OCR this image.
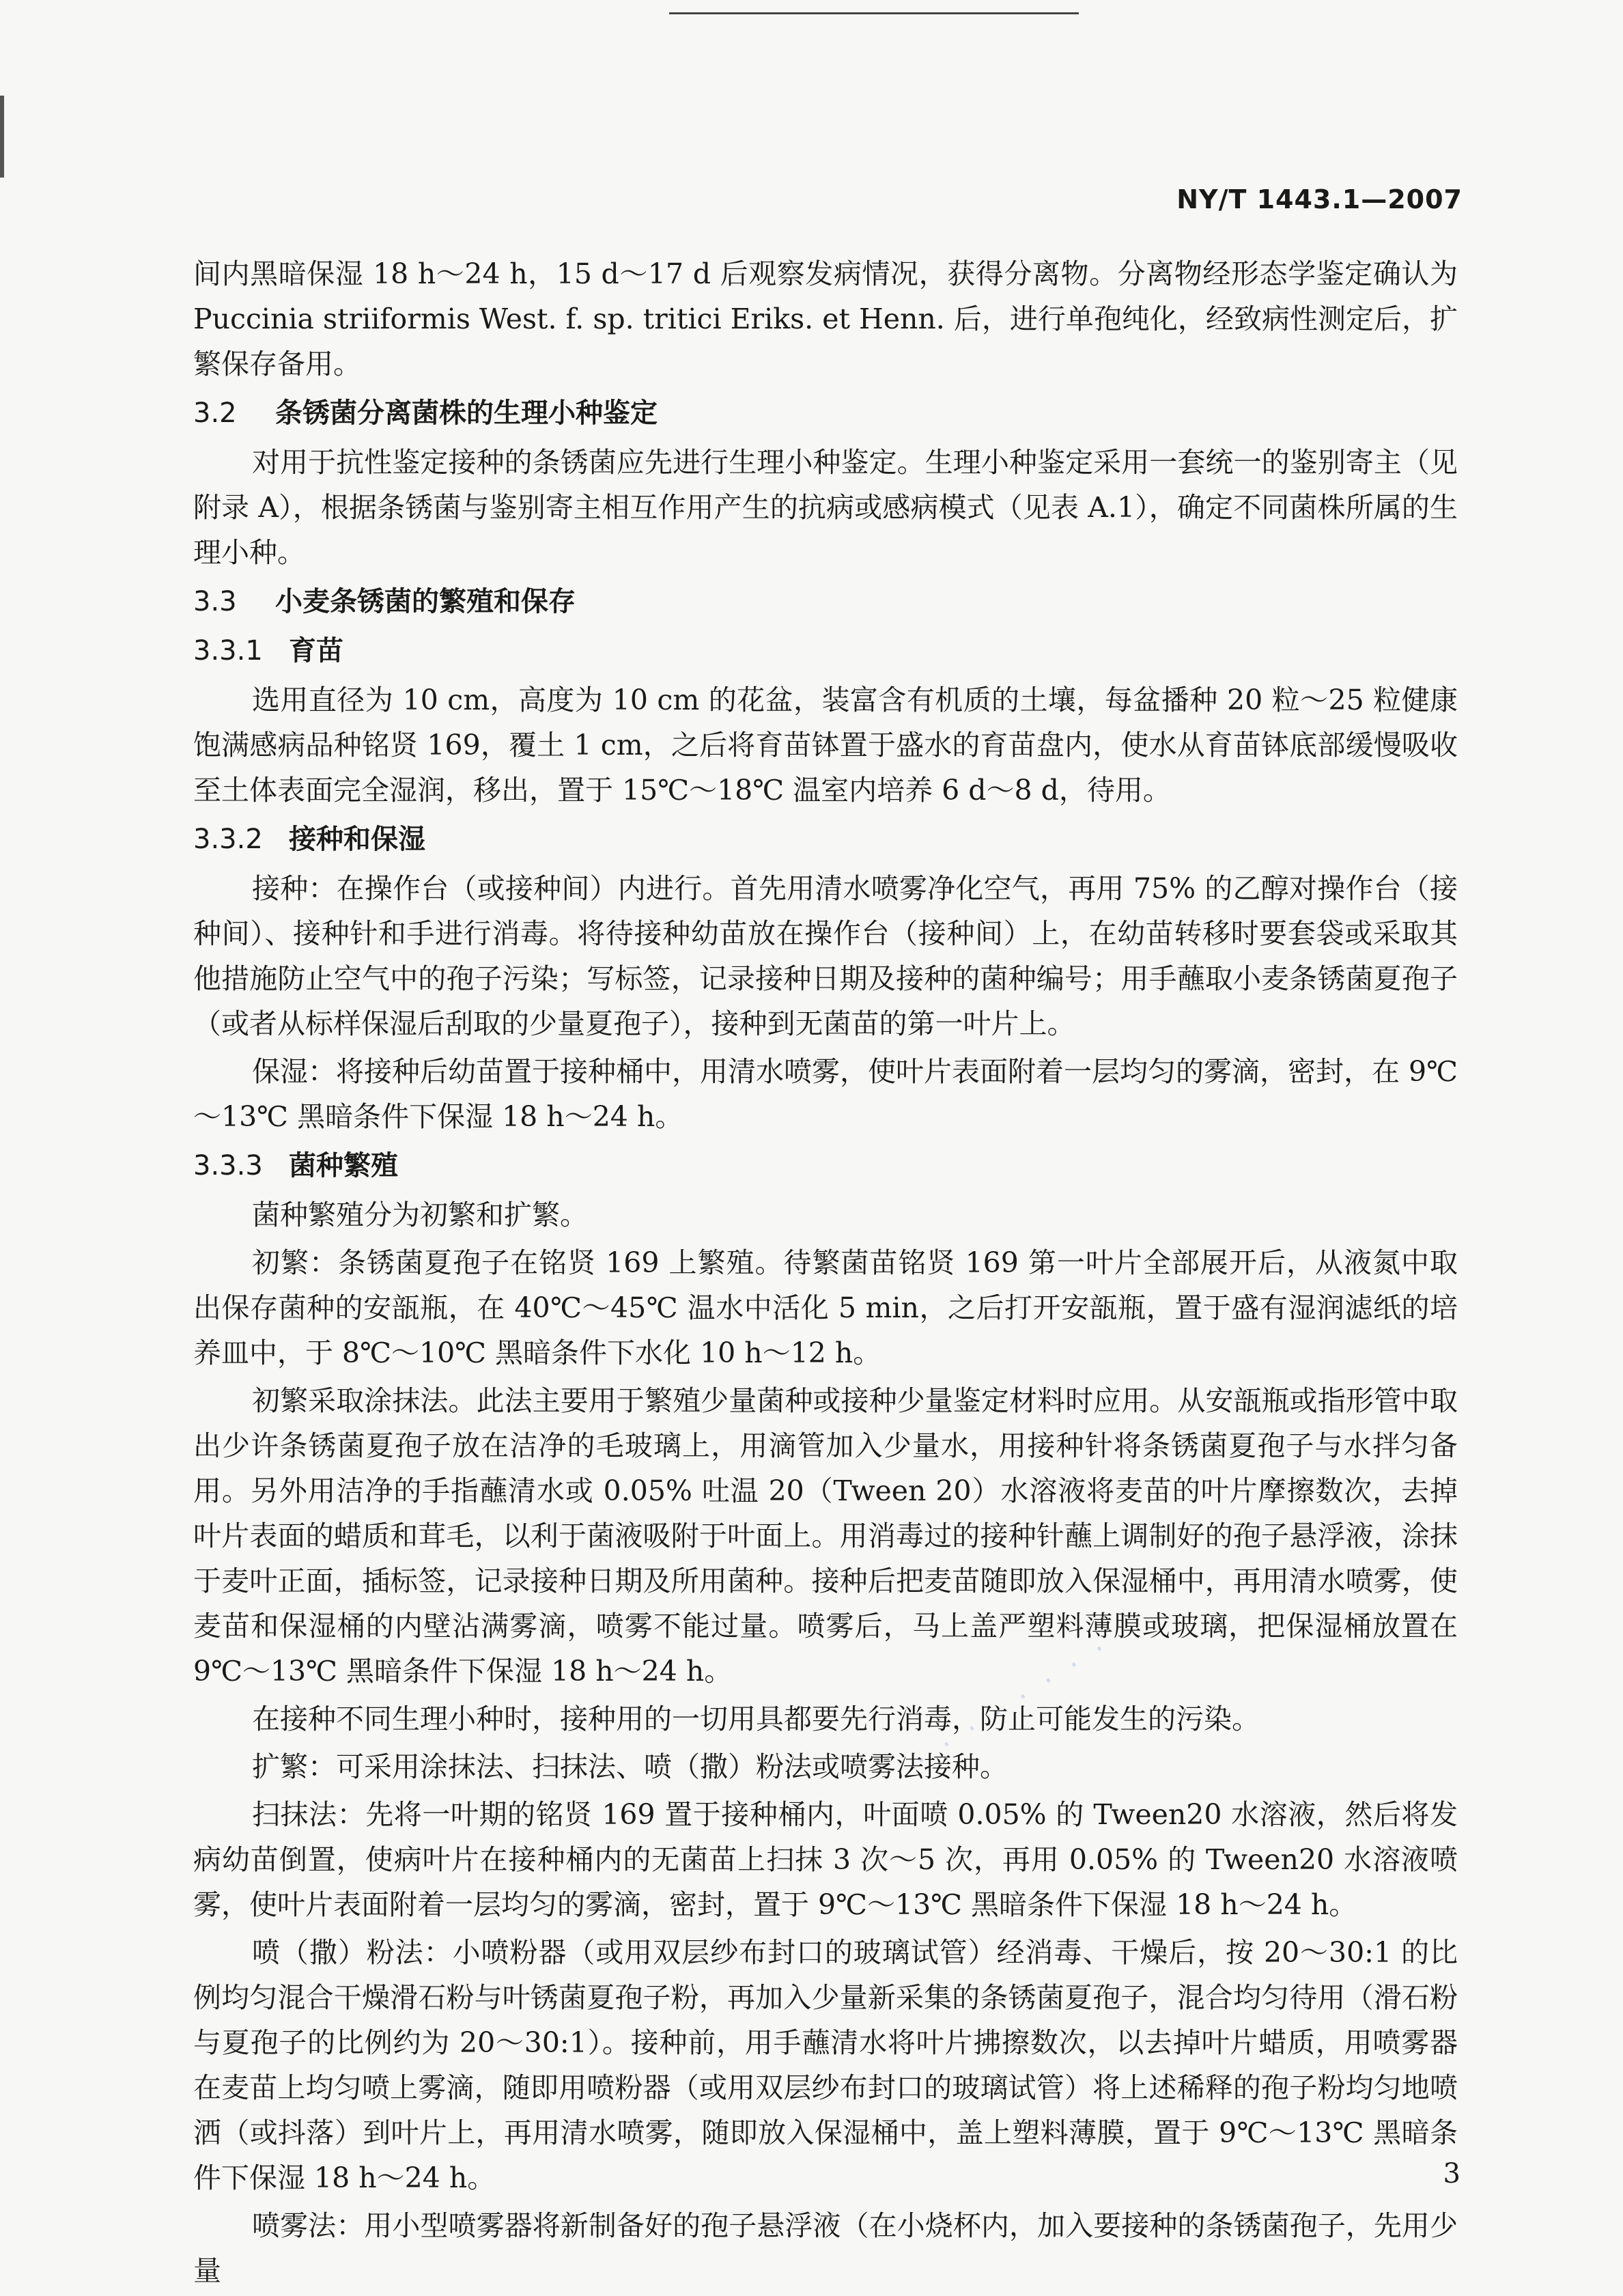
NY/T 1443.1—2007

间内黑暗保湿 18 h～24 h，15 d～17 d 后观察发病情况，获得分离物。分离物经形态学鉴定确认为 Puccinia striiformis West. f. sp. tritici Eriks. et Henn. 后，进行单孢纯化，经致病性测定后，扩繁保存备用。

3.2 条锈菌分离菌株的生理小种鉴定

对用于抗性鉴定接种的条锈菌应先进行生理小种鉴定。生理小种鉴定采用一套统一的鉴别寄主（见附录 A），根据条锈菌与鉴别寄主相互作用产生的抗病或感病模式（见表 A.1），确定不同菌株所属的生理小种。

3.3 小麦条锈菌的繁殖和保存
3.3.1 育苗

选用直径为 10 cm，高度为 10 cm 的花盆，装富含有机质的土壤，每盆播种 20 粒～25 粒健康饱满感病品种铭贤 169，覆土 1 cm，之后将育苗钵置于盛水的育苗盘内，使水从育苗钵底部缓慢吸收至土体表面完全湿润，移出，置于 15℃～18℃ 温室内培养 6 d～8 d，待用。

3.3.2 接种和保湿

接种：在操作台（或接种间）内进行。首先用清水喷雾净化空气，再用 75% 的乙醇对操作台（接种间）、接种针和手进行消毒。将待接种幼苗放在操作台（接种间）上，在幼苗转移时要套袋或采取其他措施防止空气中的孢子污染；写标签，记录接种日期及接种的菌种编号；用手蘸取小麦条锈菌夏孢子（或者从标样保湿后刮取的少量夏孢子），接种到无菌苗的第一叶片上。

保湿：将接种后幼苗置于接种桶中，用清水喷雾，使叶片表面附着一层均匀的雾滴，密封，在 9℃～13℃ 黑暗条件下保湿 18 h～24 h。

3.3.3 菌种繁殖

菌种繁殖分为初繁和扩繁。

初繁：条锈菌夏孢子在铭贤 169 上繁殖。待繁菌苗铭贤 169 第一叶片全部展开后，从液氮中取出保存菌种的安瓿瓶，在 40℃～45℃ 温水中活化 5 min，之后打开安瓿瓶，置于盛有湿润滤纸的培养皿中，于 8℃～10℃ 黑暗条件下水化 10 h～12 h。

初繁采取涂抹法。此法主要用于繁殖少量菌种或接种少量鉴定材料时应用。从安瓿瓶或指形管中取出少许条锈菌夏孢子放在洁净的毛玻璃上，用滴管加入少量水，用接种针将条锈菌夏孢子与水拌匀备用。另外用洁净的手指蘸清水或 0.05% 吐温 20（Tween 20）水溶液将麦苗的叶片摩擦数次，去掉叶片表面的蜡质和茸毛，以利于菌液吸附于叶面上。用消毒过的接种针蘸上调制好的孢子悬浮液，涂抹于麦叶正面，插标签，记录接种日期及所用菌种。接种后把麦苗随即放入保湿桶中，再用清水喷雾，使麦苗和保湿桶的内壁沾满雾滴，喷雾不能过量。喷雾后，马上盖严塑料薄膜或玻璃，把保湿桶放置在 9℃～13℃ 黑暗条件下保湿 18 h～24 h。

在接种不同生理小种时，接种用的一切用具都要先行消毒，防止可能发生的污染。

扩繁：可采用涂抹法、扫抹法、喷（撒）粉法或喷雾法接种。

扫抹法：先将一叶期的铭贤 169 置于接种桶内，叶面喷 0.05% 的 Tween20 水溶液，然后将发病幼苗倒置，使病叶片在接种桶内的无菌苗上扫抹 3 次～5 次，再用 0.05% 的 Tween20 水溶液喷雾，使叶片表面附着一层均匀的雾滴，密封，置于 9℃～13℃ 黑暗条件下保湿 18 h～24 h。

喷（撒）粉法：小喷粉器（或用双层纱布封口的玻璃试管）经消毒、干燥后，按 20～30:1 的比例均匀混合干燥滑石粉与叶锈菌夏孢子粉，再加入少量新采集的条锈菌夏孢子，混合均匀待用（滑石粉与夏孢子的比例约为 20～30:1）。接种前，用手蘸清水将叶片拂擦数次，以去掉叶片蜡质，用喷雾器在麦苗上均匀喷上雾滴，随即用喷粉器（或用双层纱布封口的玻璃试管）将上述稀释的孢子粉均匀地喷洒（或抖落）到叶片上，再用清水喷雾，随即放入保湿桶中，盖上塑料薄膜，置于 9℃～13℃ 黑暗条件下保湿 18 h～24 h。

喷雾法：用小型喷雾器将新制备好的孢子悬浮液（在小烧杯内，加入要接种的条锈菌孢子，先用少量

· · · · · · · ·
3
